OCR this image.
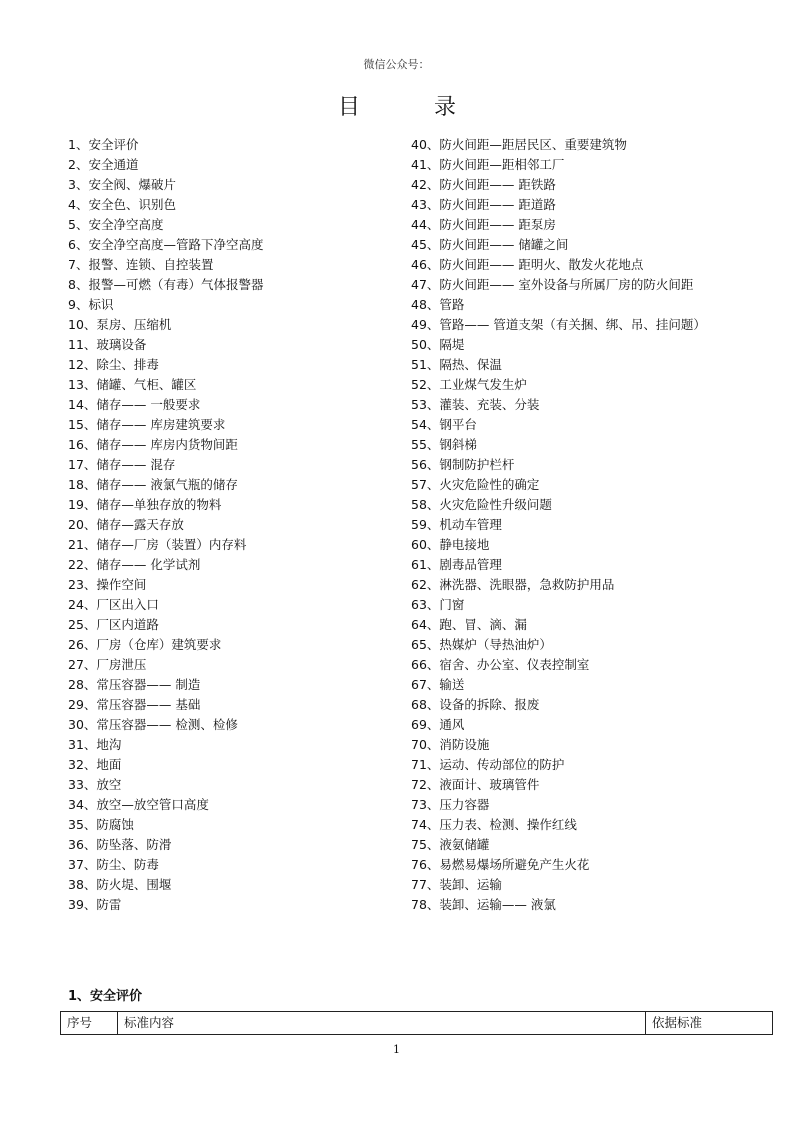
微信公众号：
目	录
1、安全评价
2、安全通道
3、安全阀、爆破片
4、安全色、识别色
5、安全净空高度
6、安全净空高度—管路下净空高度
7、报警、连锁、自控装置
8、报警—可燃（有毒）气体报警器
9、标识
10、泵房、压缩机
11、玻璃设备
12、除尘、排毒
13、储罐、气柜、罐区
14、储存—— 一般要求
15、储存—— 库房建筑要求
16、储存—— 库房内货物间距
17、储存—— 混存
18、储存—— 液氯气瓶的储存
19、储存—单独存放的物料
20、储存—露天存放
21、储存—厂房（装置）内存料
22、储存—— 化学试剂
23、操作空间
24、厂区出入口
25、厂区内道路
26、厂房（仓库）建筑要求
27、厂房泄压
28、常压容器—— 制造
29、常压容器—— 基础
30、常压容器—— 检测、检修
31、地沟
32、地面
33、放空
34、放空—放空管口高度
35、防腐蚀
36、防坠落、防滑
37、防尘、防毒
38、防火堤、围堰
39、防雷
40、防火间距—距居民区、重要建筑物
41、防火间距—距相邻工厂
42、防火间距—— 距铁路
43、防火间距—— 距道路
44、防火间距—— 距泵房
45、防火间距—— 储罐之间
46、防火间距—— 距明火、散发火花地点
47、防火间距—— 室外设备与所属厂房的防火间距
48、管路
49、管路—— 管道支架（有关捆、绑、吊、挂问题）
50、隔堤
51、隔热、保温
52、工业煤气发生炉
53、灌装、充装、分装
54、钢平台
55、钢斜梯
56、钢制防护栏杆
57、火灾危险性的确定
58、火灾危险性升级问题
59、机动车管理
60、静电接地
61、剧毒品管理
62、淋洗器、洗眼器，急救防护用品
63、门窗
64、跑、冒、滴、漏
65、热媒炉（导热油炉）
66、宿舍、办公室、仪表控制室
67、输送
68、设备的拆除、报废
69、通风
70、消防设施
71、运动、传动部位的防护
72、液面计、玻璃管件
73、压力容器
74、压力表、检测、操作红线
75、液氨储罐
76、易燃易爆场所避免产生火花
77、装卸、运输
78、装卸、运输—— 液氯
1、安全评价
序号	标准内容	依据标准
1
